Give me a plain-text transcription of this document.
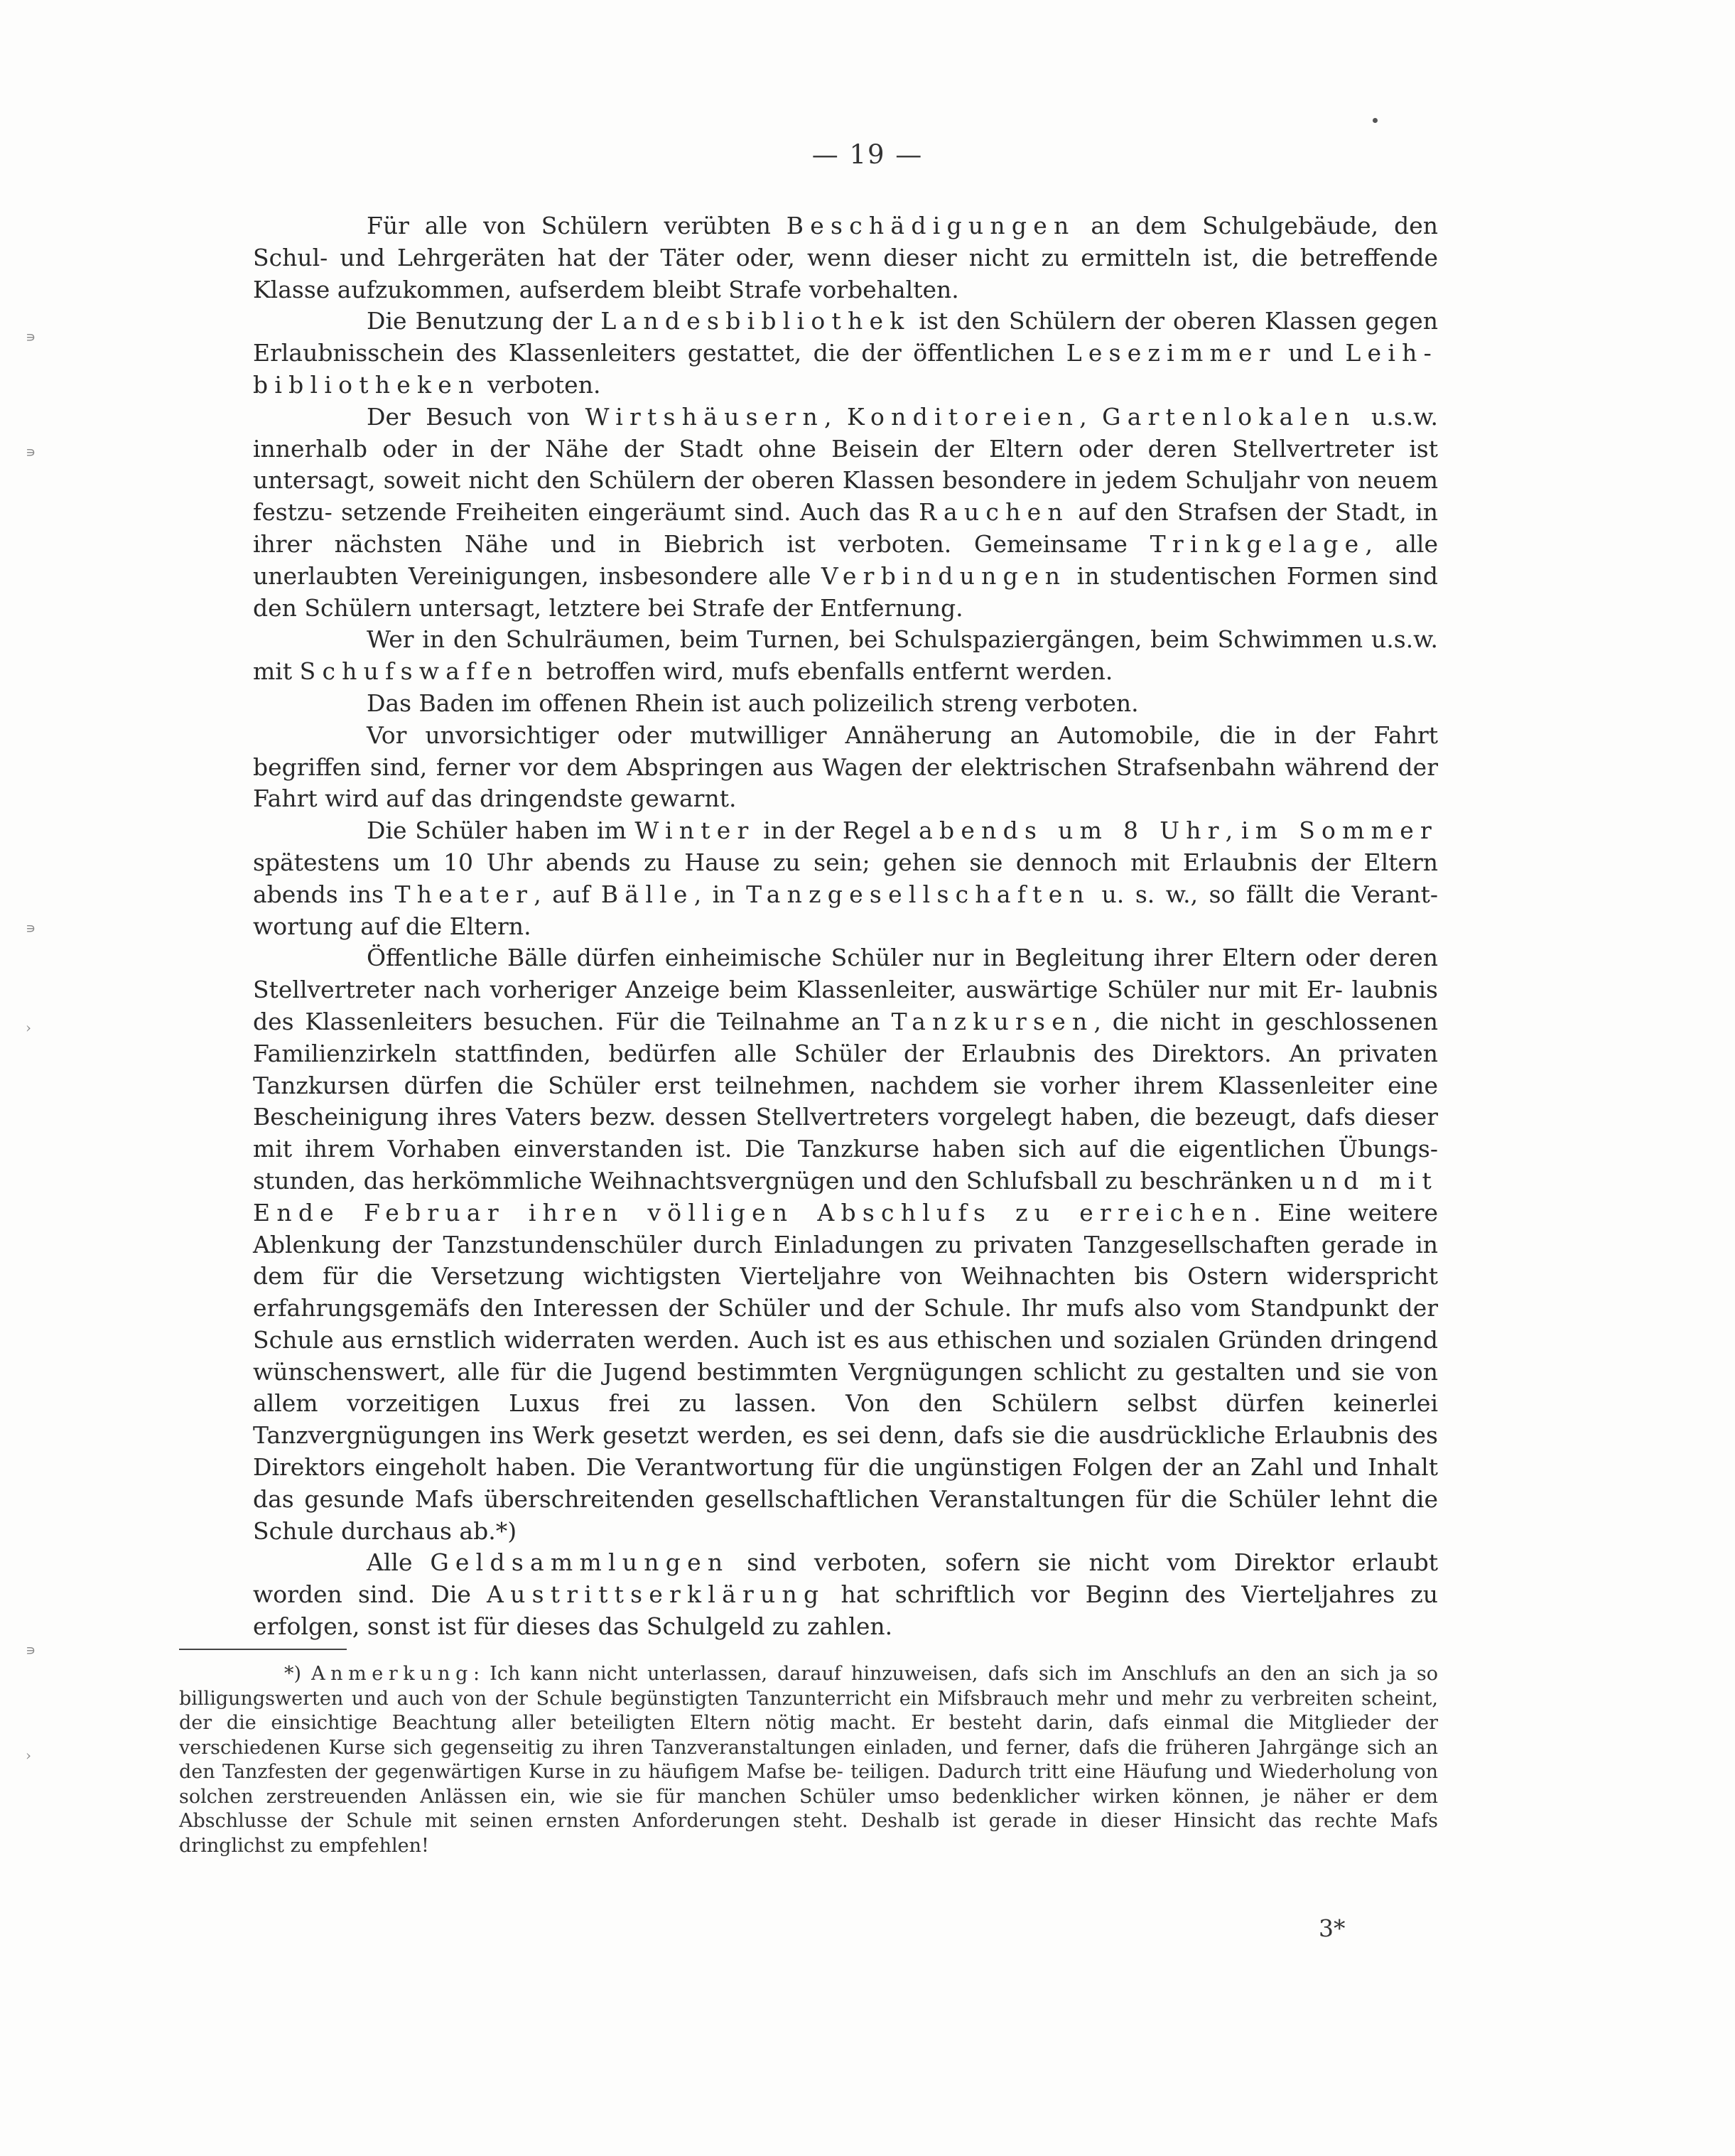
— 19 —
∍
∍
∍
›
∍
›

Für alle von Schülern verübten Beschädigungen an dem Schulgebäude, den Schul- und Lehrgeräten hat der Täter oder, wenn dieser nicht zu ermitteln ist, die betreffende Klasse aufzukommen, aufserdem bleibt Strafe vorbehalten.

Die Benutzung der Landesbibliothek ist den Schülern der oberen Klassen gegen Erlaubnisschein des Klassenleiters gestattet, die der öffentlichen Lesezimmer und Leih- bibliotheken verboten.

Der Besuch von Wirtshäusern, Konditoreien, Gartenlokalen u.s.w. innerhalb oder in der Nähe der Stadt ohne Beisein der Eltern oder deren Stellvertreter ist untersagt, soweit nicht den Schülern der oberen Klassen besondere in jedem Schuljahr von neuem festzu- setzende Freiheiten eingeräumt sind. Auch das Rauchen auf den Strafsen der Stadt, in ihrer nächsten Nähe und in Biebrich ist verboten. Gemeinsame Trinkgelage, alle unerlaubten Vereinigungen, insbesondere alle Verbindungen in studentischen Formen sind den Schülern untersagt, letztere bei Strafe der Entfernung.

Wer in den Schulräumen, beim Turnen, bei Schulspaziergängen, beim Schwimmen u.s.w. mit Schufswaffen betroffen wird, mufs ebenfalls entfernt werden.

Das Baden im offenen Rhein ist auch polizeilich streng verboten.

Vor unvorsichtiger oder mutwilliger Annäherung an Automobile, die in der Fahrt begriffen sind, ferner vor dem Abspringen aus Wagen der elektrischen Strafsenbahn während der Fahrt wird auf das dringendste gewarnt.

Die Schüler haben im Winter in der Regel abends um 8 Uhr, im Sommer spätestens um 10 Uhr abends zu Hause zu sein; gehen sie dennoch mit Erlaubnis der Eltern abends ins Theater, auf Bälle, in Tanzgesellschaften u. s. w., so fällt die Verant- wortung auf die Eltern.

Öffentliche Bälle dürfen einheimische Schüler nur in Begleitung ihrer Eltern oder deren Stellvertreter nach vorheriger Anzeige beim Klassenleiter, auswärtige Schüler nur mit Er- laubnis des Klassenleiters besuchen. Für die Teilnahme an Tanzkursen, die nicht in geschlossenen Familienzirkeln stattfinden, bedürfen alle Schüler der Erlaubnis des Direktors. An privaten Tanzkursen dürfen die Schüler erst teilnehmen, nachdem sie vorher ihrem Klassenleiter eine Bescheinigung ihres Vaters bezw. dessen Stellvertreters vorgelegt haben, die bezeugt, dafs dieser mit ihrem Vorhaben einverstanden ist. Die Tanzkurse haben sich auf die eigentlichen Übungs- stunden, das herkömmliche Weihnachtsvergnügen und den Schlufsball zu beschränken und mit Ende Februar ihren völligen Abschlufs zu erreichen. Eine weitere Ablenkung der Tanzstundenschüler durch Einladungen zu privaten Tanzgesellschaften gerade in dem für die Versetzung wichtigsten Vierteljahre von Weihnachten bis Ostern widerspricht erfahrungsgemäfs den Interessen der Schüler und der Schule. Ihr mufs also vom Standpunkt der Schule aus ernstlich widerraten werden. Auch ist es aus ethischen und sozialen Gründen dringend wünschenswert, alle für die Jugend bestimmten Vergnügungen schlicht zu gestalten und sie von allem vorzeitigen Luxus frei zu lassen. Von den Schülern selbst dürfen keinerlei Tanzvergnügungen ins Werk gesetzt werden, es sei denn, dafs sie die ausdrückliche Erlaubnis des Direktors eingeholt haben. Die Verantwortung für die ungünstigen Folgen der an Zahl und Inhalt das gesunde Mafs überschreitenden gesellschaftlichen Veranstaltungen für die Schüler lehnt die Schule durchaus ab.*)

Alle Geldsammlungen sind verboten, sofern sie nicht vom Direktor erlaubt worden sind. Die Austrittserklärung hat schriftlich vor Beginn des Vierteljahres zu erfolgen, sonst ist für dieses das Schulgeld zu zahlen.

*) Anmerkung: Ich kann nicht unterlassen, darauf hinzuweisen, dafs sich im Anschlufs an den an sich ja so billigungswerten und auch von der Schule begünstigten Tanzunterricht ein Mifsbrauch mehr und mehr zu verbreiten scheint, der die einsichtige Beachtung aller beteiligten Eltern nötig macht. Er besteht darin, dafs einmal die Mitglieder der verschiedenen Kurse sich gegenseitig zu ihren Tanzveranstaltungen einladen, und ferner, dafs die früheren Jahrgänge sich an den Tanzfesten der gegenwärtigen Kurse in zu häufigem Mafse be- teiligen. Dadurch tritt eine Häufung und Wiederholung von solchen zerstreuenden Anlässen ein, wie sie für manchen Schüler umso bedenklicher wirken können, je näher er dem Abschlusse der Schule mit seinen ernsten Anforderungen steht. Deshalb ist gerade in dieser Hinsicht das rechte Mafs dringlichst zu empfehlen!

3*
